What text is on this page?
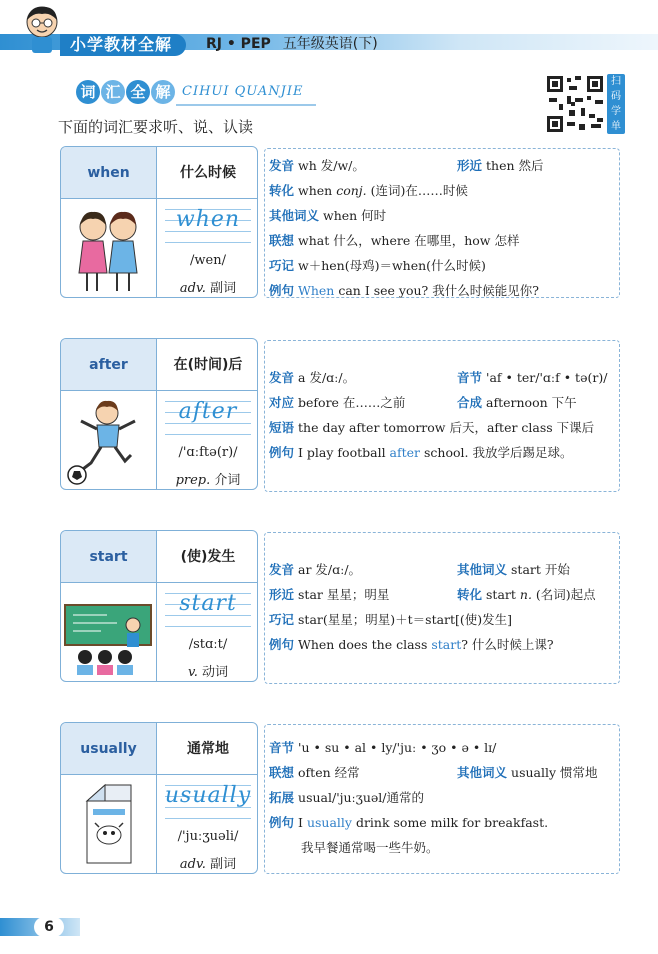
小学教材全解	RJ • PEP 五年级英语(下)
词 汇 全 解 CIHUI QUANJIE
下面的词汇要求听、说、认读
扫码学单词
when	什么时候
when
/wen/
adv. 副词
发音 wh 发/w/。	形近 then 然后
转化 when conj. (连词)在……时候
其他词义 when 何时
联想 what 什么，where 在哪里，how 怎样
巧记 w＋hen(母鸡)＝when(什么时候)
例句 When can I see you? 我什么时候能见你?
after	在(时间)后
after
/'ɑːftə(r)/
prep. 介词
发音 a 发/ɑː/。	音节 'af • ter/'ɑːf • tə(r)/
对应 before 在……之前	合成 afternoon 下午
短语 the day after tomorrow 后天，after class 下课后
例句 I play football after school. 我放学后踢足球。
start	(使)发生
start
/stɑːt/
v. 动词
发音 ar 发/ɑː/。	其他词义 start 开始
形近 star 星星；明星	转化 start n. (名词)起点
巧记 star(星星；明星)＋t＝start[(使)发生]
例句 When does the class start? 什么时候上课?
usually	通常地
usually
/'juːʒuəli/
adv. 副词
音节 'u • su • al • ly/'juː • ʒo • ə • lɪ/
联想 often 经常	其他词义 usually 惯常地
拓展 usual/'juːʒuəl/通常的
例句 I usually drink some milk for breakfast.
我早餐通常喝一些牛奶。
6
